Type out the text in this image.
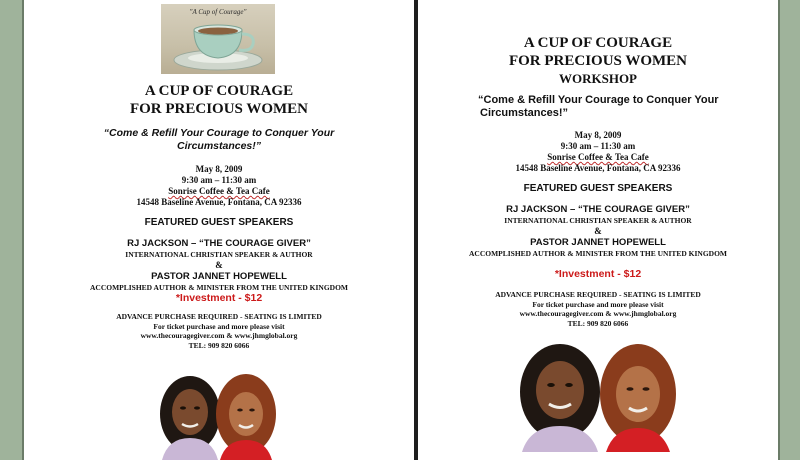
"A Cup of Courage"
A CUP OF COURAGE
FOR PRECIOUS WOMEN
“Come & Refill Your Courage to Conquer Your
Circumstances!”
May 8, 2009
9:30 am – 11:30 am
Sonrise Coffee & Tea Cafe
14548 Baseline Avenue, Fontana, CA 92336
FEATURED GUEST SPEAKERS
RJ JACKSON – “THE COURAGE GIVER”
INTERNATIONAL CHRISTIAN SPEAKER & AUTHOR
&
PASTOR JANNET HOPEWELL
ACCOMPLISHED AUTHOR & MINISTER FROM THE UNITED KINGDOM
*Investment - $12
ADVANCE PURCHASE REQUIRED - SEATING IS LIMITED
For ticket purchase and more please visit
www.thecouragegiver.com & www.jhmglobal.org
TEL: 909 820 6066
A CUP OF COURAGE
FOR PRECIOUS WOMEN
WORKSHOP
“Come & Refill Your Courage to Conquer Your
Circumstances!”
May 8, 2009
9:30 am – 11:30 am
Sonrise Coffee & Tea Cafe
14548 Baseline Avenue, Fontana, CA 92336
FEATURED GUEST SPEAKERS
RJ JACKSON – “THE COURAGE GIVER”
INTERNATIONAL CHRISTIAN SPEAKER & AUTHOR
&
PASTOR JANNET HOPEWELL
ACCOMPLISHED AUTHOR & MINISTER FROM THE UNITED KINGDOM
*Investment - $12
ADVANCE PURCHASE REQUIRED - SEATING IS LIMITED
For ticket purchase and more please visit
www.thecouragegiver.com & www.jhmglobal.org
TEL: 909 820 6066
